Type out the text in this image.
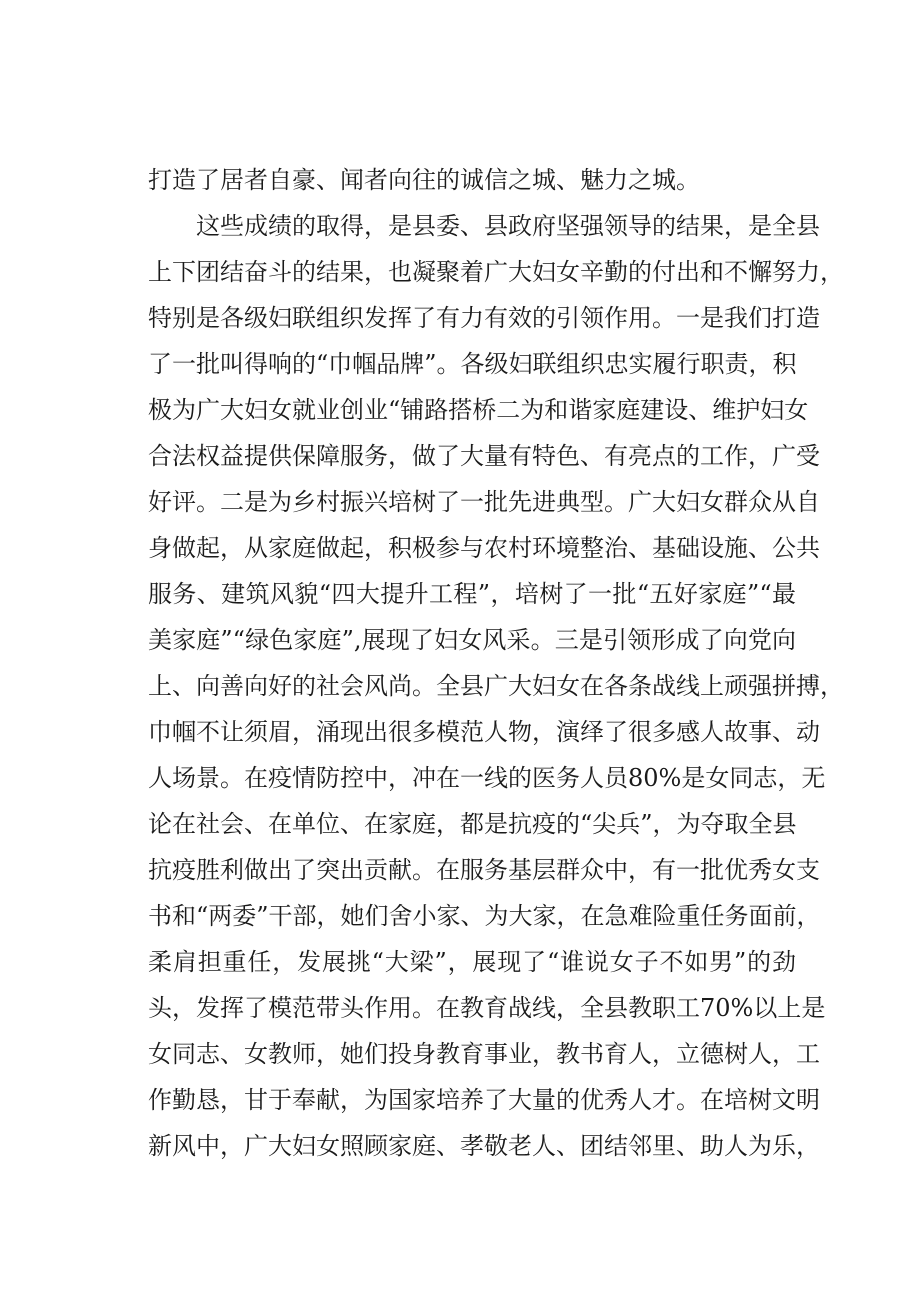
打造了居者自豪、闻者向往的诚信之城、魅力之城。
这些成绩的取得，是县委、县政府坚强领导的结果，是全县
上下团结奋斗的结果，也凝聚着广大妇女辛勤的付出和不懈努力，
特别是各级妇联组织发挥了有力有效的引领作用。一是我们打造
了一批叫得响的“巾帼品牌”。各级妇联组织忠实履行职责，积
极为广大妇女就业创业“铺路搭桥二为和谐家庭建设、维护妇女
合法权益提供保障服务，做了大量有特色、有亮点的工作，广受
好评。二是为乡村振兴培树了一批先进典型。广大妇女群众从自
身做起，从家庭做起，积极参与农村环境整治、基础设施、公共
服务、建筑风貌“四大提升工程”，培树了一批“五好家庭”“最
美家庭”“绿色家庭”,展现了妇女风采。三是引领形成了向党向
上、向善向好的社会风尚。全县广大妇女在各条战线上顽强拼搏，
巾帼不让须眉，涌现出很多模范人物，演绎了很多感人故事、动
人场景。在疫情防控中，冲在一线的医务人员80%是女同志，无
论在社会、在单位、在家庭，都是抗疫的“尖兵”，为夺取全县
抗疫胜利做出了突出贡献。在服务基层群众中，有一批优秀女支
书和“两委”干部，她们舍小家、为大家，在急难险重任务面前，
柔肩担重任，发展挑“大梁”，展现了“谁说女子不如男”的劲
头，发挥了模范带头作用。在教育战线，全县教职工70%以上是
女同志、女教师，她们投身教育事业，教书育人，立德树人，工
作勤恳，甘于奉献，为国家培养了大量的优秀人才。在培树文明
新风中，广大妇女照顾家庭、孝敬老人、团结邻里、助人为乐，
